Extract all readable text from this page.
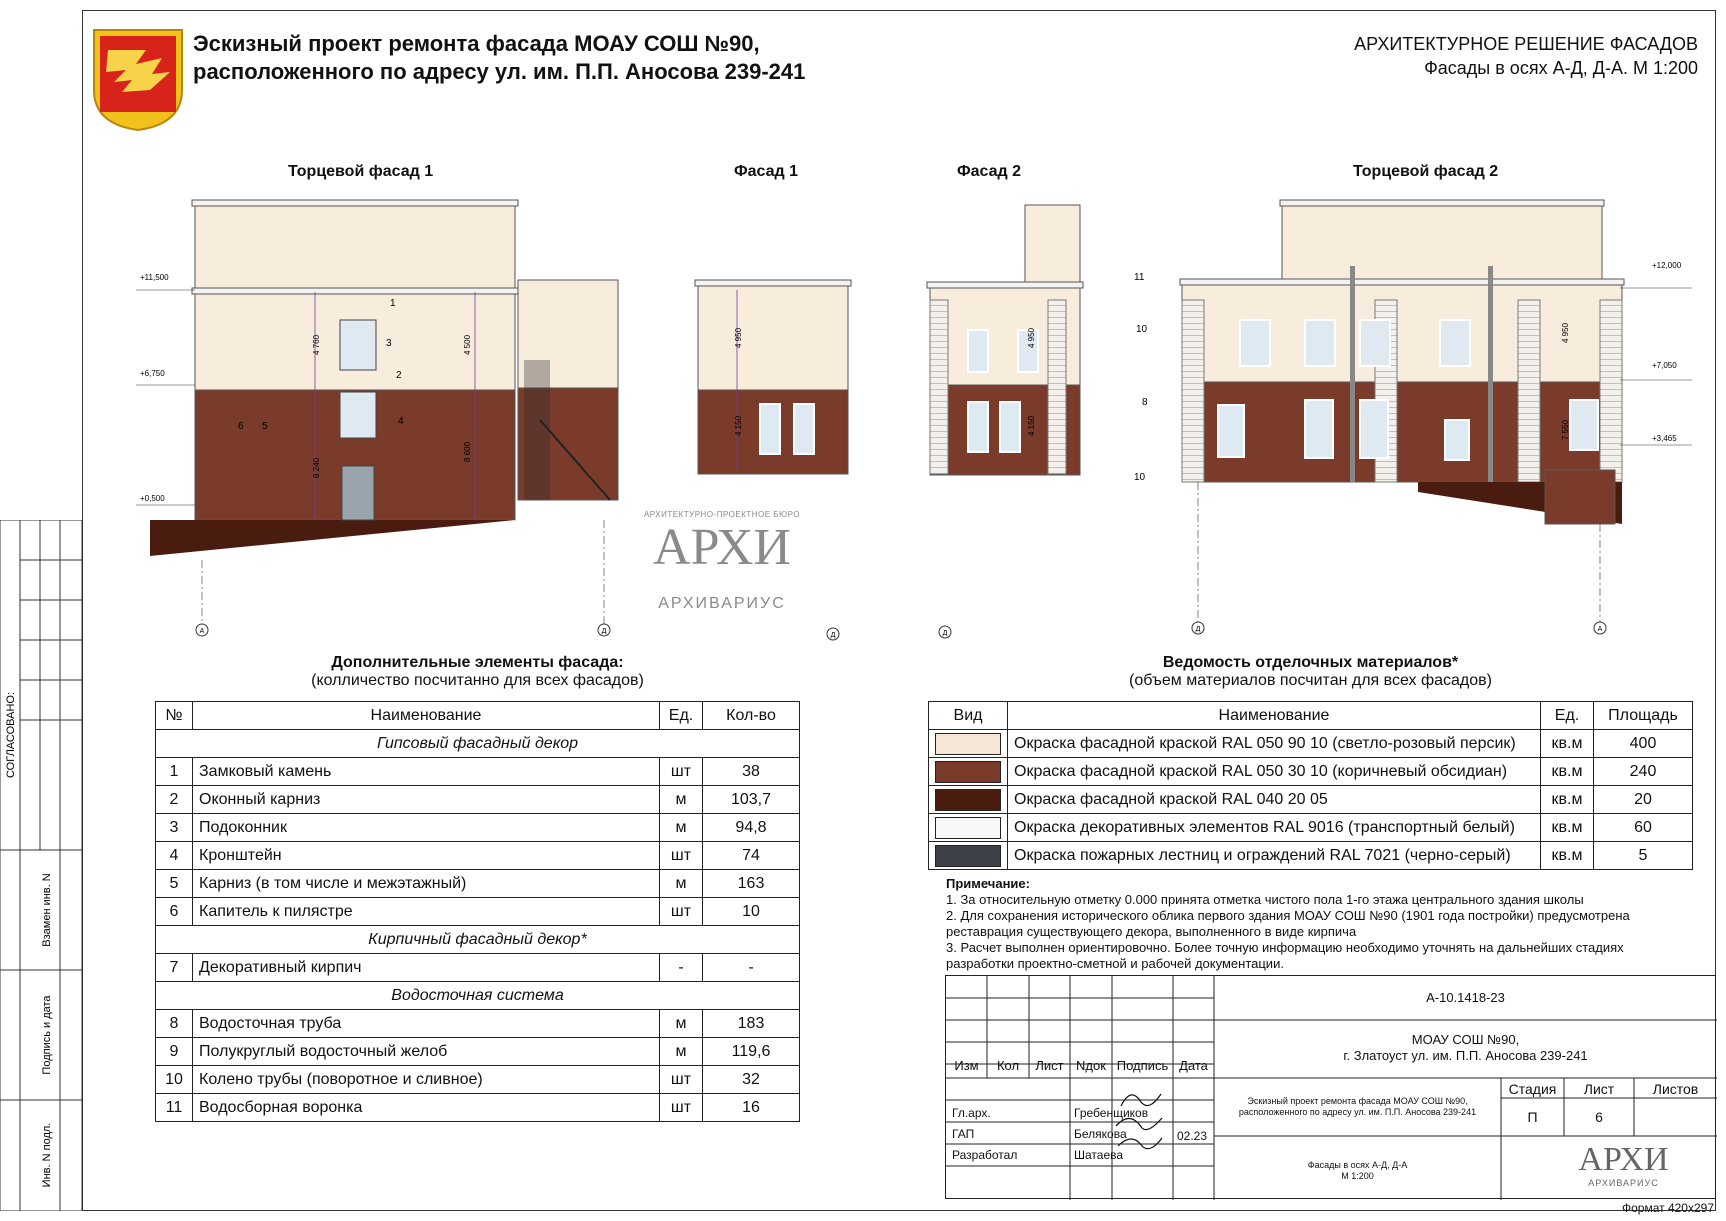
СОГЛАСОВАНО:
Взамен инв. N
Подпись и дата
Инв. N подл.
Эскизный проект ремонта фасада МОАУ СОШ №90,
расположенного по адресу ул. им. П.П. Аносова 239-241
АРХИТЕКТУРНОЕ РЕШЕНИЕ ФАСАДОВ
Фасады в осях А-Д, Д-А. М 1:200
Торцевой фасад 1	Фасад 1	Фасад 2	Торцевой фасад 2
+11,500
+6,750
+0,500
+12,000
+7,050
+3,465
4 760	4 500
6 240
8 600
4 950
4 150
4 950
4 150
4 950
7 550
1
3
2
4
6 5
11
10
8
10
А	Д
Д	Д
Д	А
АРХИТЕКТУРНО-ПРОЕКТНОЕ БЮРО
АРХИ
АРХИВАРИУС
Дополнительные элементы фасада:
(колличество посчитанно для всех фасадов)
№	Наименование	Ед.	Кол-во
Гипсовый фасадный декор			
1	Замковый камень	шт	38
2	Оконный карниз	м	103,7
3	Подоконник	м	94,8
4	Кронштейн	шт	74
5	Карниз (в том числе и межэтажный)	м	163
6	Капитель к пилястре	шт	10
Кирпичный фасадный декор*			
7	Декоративный кирпич	-	-
Водосточная система			
8	Водосточная труба	м	183
9	Полукруглый водосточный желоб	м	119,6
10	Колено трубы (поворотное и сливное)	шт	32
11	Водосборная воронка	шт	16
Ведомость отделочных материалов*
(объем материалов посчитан для всех фасадов)
Вид	Наименование	Ед.	Площадь

	Окраска фасадной краской RAL 050 90 10 (светло-розовый персик)	кв.м	400

	Окраска фасадной краской RAL 050 30 10 (коричневый обсидиан)	кв.м	240

	Окраска фасадной краской RAL 040 20 05	кв.м	20

	Окраска декоративных элементов RAL 9016 (транспортный белый)	кв.м	60

	Окраска пожарных лестниц и ограждений RAL 7021 (черно-серый)	кв.м	5
Примечание:
1. За относительную отметку 0.000 принята отметка чистого пола 1-го этажа центрального здания школы
2. Для сохранения исторического облика первого здания МОАУ СОШ №90 (1901 года постройки) предусмотрена
реставрация существующего декора, выполненного в виде кирпича
3. Расчет выполнен ориентировочно. Более точную информацию необходимо уточнять на дальнейших стадиях
разработки проектно-сметной и рабочей документации.
А-10.1418-23
МОАУ СОШ №90,
г. Златоуст ул. им. П.П. Аносова 239-241
Изм	Кол	Лист Nдок Подпись Дата
Эскизный проект ремонта фасада МОАУ СОШ №90,
расположенного по адресу ул. им. П.П. Аносова 239-241
Стадия	Лист	Листов
П	6
Гл.арх.	Гребенщиков
ГАП	Белякова	02.23
Разработал	Шатаева
Фасады в осях А-Д, Д-А
М 1:200	АРХИ
АРХИВАРИУС
Формат 420х297
